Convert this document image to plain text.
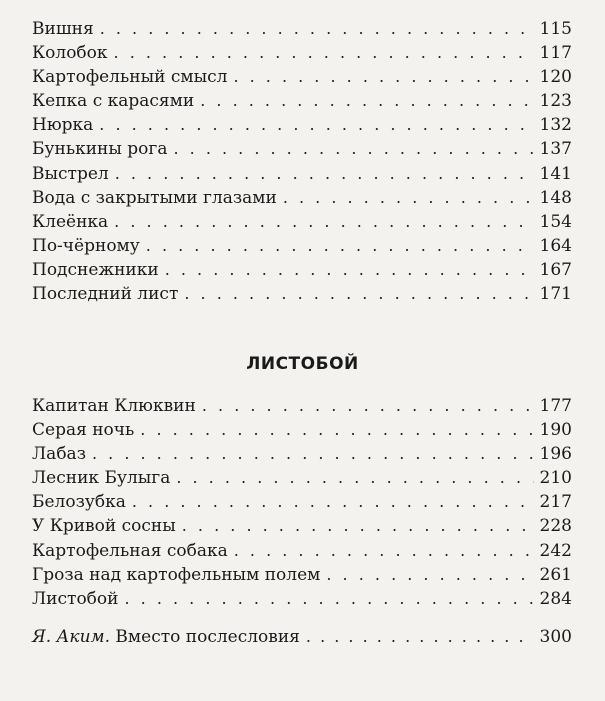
Вишня . . .	115
Колобок . . .	117
Картофельный смысл . . .	120
Кепка с карасями . . .	123
Нюрка . . .	132
Бунькины рога . . .	137
Выстрел . . .	141
Вода с закрытыми глазами . . .	148
Клеёнка . . .	154
По-чёрному . . .	164
Подснежники . . .	167
Последний лист . . .	171
ЛИСТОБОЙ
Капитан Клюквин . . .	177
Серая ночь . . .	190
Лабаз . . .	196
Лесник Булыга . . .	210
Белозубка . . .	217
У Кривой сосны . . .	228
Картофельная собака . . .	242
Гроза над картофельным полем . . .	261
Листобой . . .	284
Я. Аким. Вместо послесловия . . .	300
